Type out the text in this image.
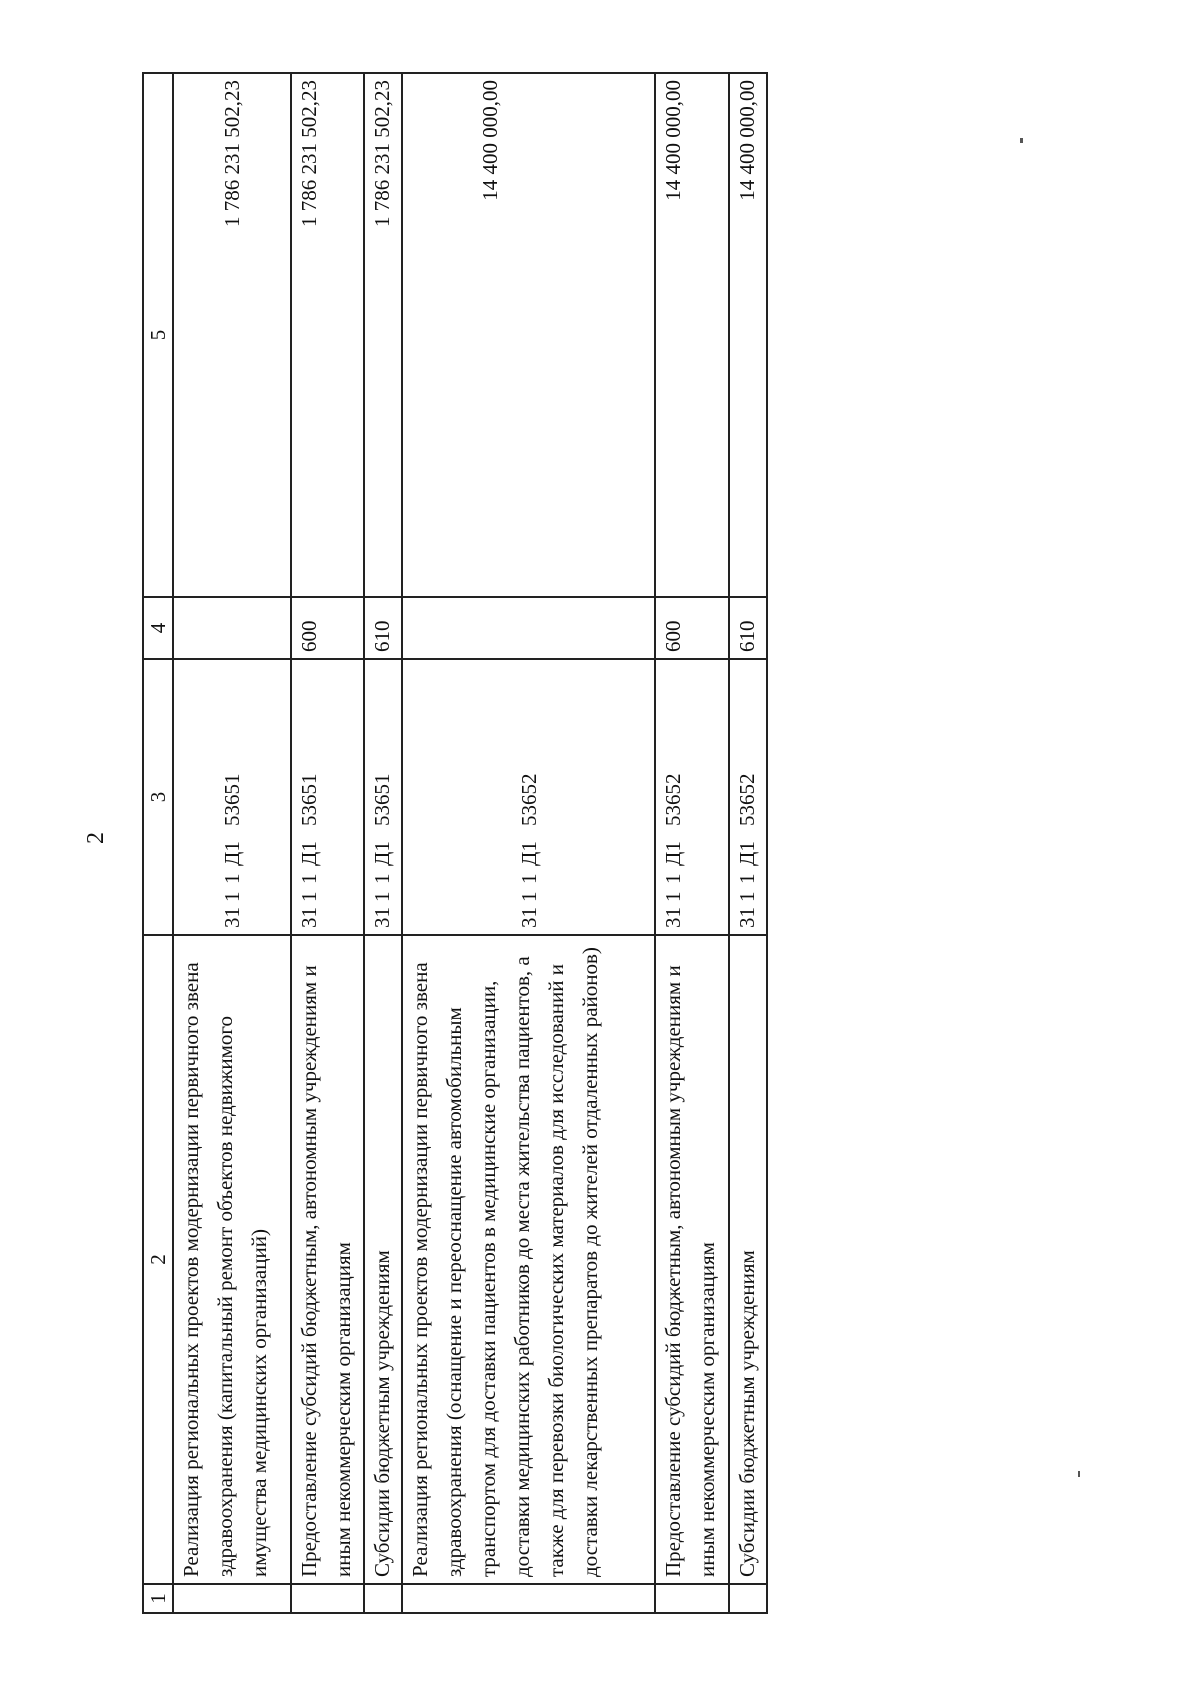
2
1	2	3	4	5
	Реализация региональных проектов модернизации первичного звена здравоохранения (капитальный ремонт объектов недвижимого имущества медицинских организаций)	3111Д153651		1 786 231 502,23
	Предоставление субсидий бюджетным, автономным учреждениям и иным некоммерческим организациям	3111Д153651	600	1 786 231 502,23
	Субсидии бюджетным учреждениям	3111Д153651	610	1 786 231 502,23
	Реализация региональных проектов модернизации первичного звена здравоохранения (оснащение и переоснащение автомобильным транспортом для доставки пациентов в медицинские организации, доставки медицинских работников до места жительства пациентов, а также для перевозки биологических материалов для исследований и доставки лекарственных препаратов до жителей отдаленных районов)	3111Д153652		14 400 000,00
	Предоставление субсидий бюджетным, автономным учреждениям и иным некоммерческим организациям	3111Д153652	600	14 400 000,00
	Субсидии бюджетным учреждениям	3111Д153652	610	14 400 000,00
